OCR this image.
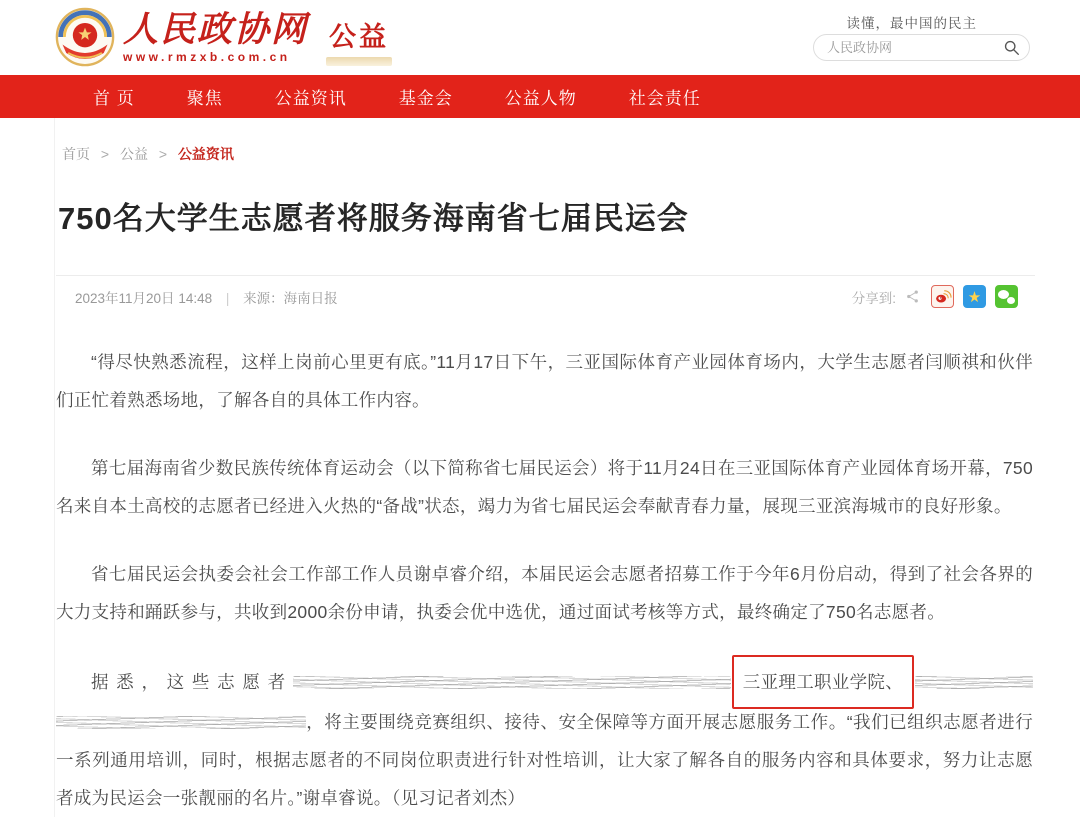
人民政协网
www.rmzxb.com.cn
公益	读懂，最中国的民主
人民政协网
首 页	聚焦	公益资讯	基金会	公益人物	社会责任
首页 > 公益 > 公益资讯
750名大学生志愿者将服务海南省七届民运会
2023年11月20日 14:48 | 来源：海南日报	分享到:	★

“得尽快熟悉流程，这样上岗前心里更有底。”11月17日下午，三亚国际体育产业园体育场内，大学生志愿者闫顺祺和伙伴们正忙着熟悉场地，了解各自的具体工作内容。

第七届海南省少数民族传统体育运动会（以下简称省七届民运会）将于11月24日在三亚国际体育产业园体育场开幕，750名来自本土高校的志愿者已经进入火热的“备战”状态，竭力为省七届民运会奉献青春力量，展现三亚滨海城市的良好形象。

省七届民运会执委会社会工作部工作人员谢卓睿介绍，本届民运会志愿者招募工作于今年6月份启动，得到了社会各界的大力支持和踊跃参与，共收到2000余份申请，执委会优中选优，通过面试考核等方式，最终确定了750名志愿者。

据悉，这些志愿者	三亚理工职业学院、 ，将主要围绕竞赛组织、接待、安全保障等方面开展志愿服务工作。“我们已组织志愿者进行一系列通用培训，同时，根据志愿者的不同岗位职责进行针对性培训，让大家了解各自的服务内容和具体要求，努力让志愿者成为民运会一张靓丽的名片。”谢卓睿说。（见习记者刘杰）
